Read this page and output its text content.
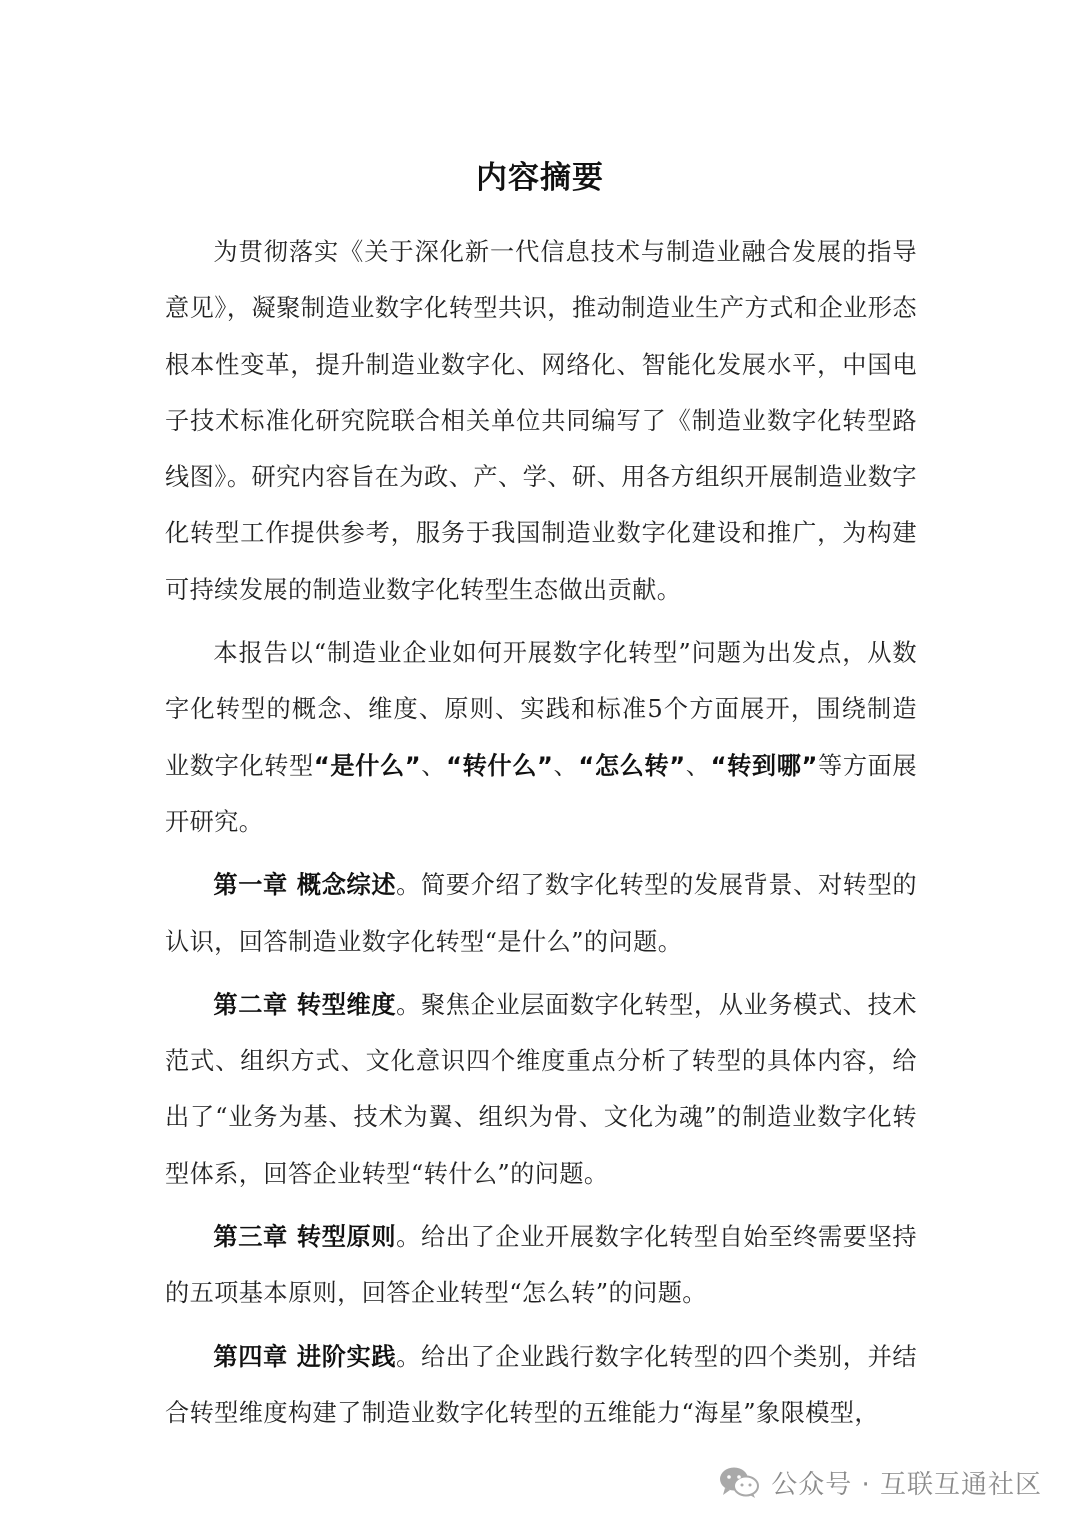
内容摘要

为贯彻落实《关于深化新一代信息技术与制造业融合发展的指导意见》，凝聚制造业数字化转型共识，推动制造业生产方式和企业形态根本性变革，提升制造业数字化、网络化、智能化发展水平，中国电子技术标准化研究院联合相关单位共同编写了《制造业数字化转型路线图》。研究内容旨在为政、产、学、研、用各方组织开展制造业数字化转型工作提供参考，服务于我国制造业数字化建设和推广，为构建可持续发展的制造业数字化转型生态做出贡献。

本报告以“制造业企业如何开展数字化转型”问题为出发点，从数字化转型的概念、维度、原则、实践和标准5个方面展开，围绕制造业数字化转型“是什么”、“转什么”、“怎么转”、“转到哪”等方面展开研究。

第一章 概念综述。简要介绍了数字化转型的发展背景、对转型的认识，回答制造业数字化转型“是什么”的问题。

第二章 转型维度。聚焦企业层面数字化转型，从业务模式、技术范式、组织方式、文化意识四个维度重点分析了转型的具体内容，给出了“业务为基、技术为翼、组织为骨、文化为魂”的制造业数字化转型体系，回答企业转型“转什么”的问题。

第三章 转型原则。给出了企业开展数字化转型自始至终需要坚持的五项基本原则，回答企业转型“怎么转”的问题。

第四章 进阶实践。给出了企业践行数字化转型的四个类别，并结合转型维度构建了制造业数字化转型的五维能力“海星”象限模型，

公众号 · 互联互通社区
